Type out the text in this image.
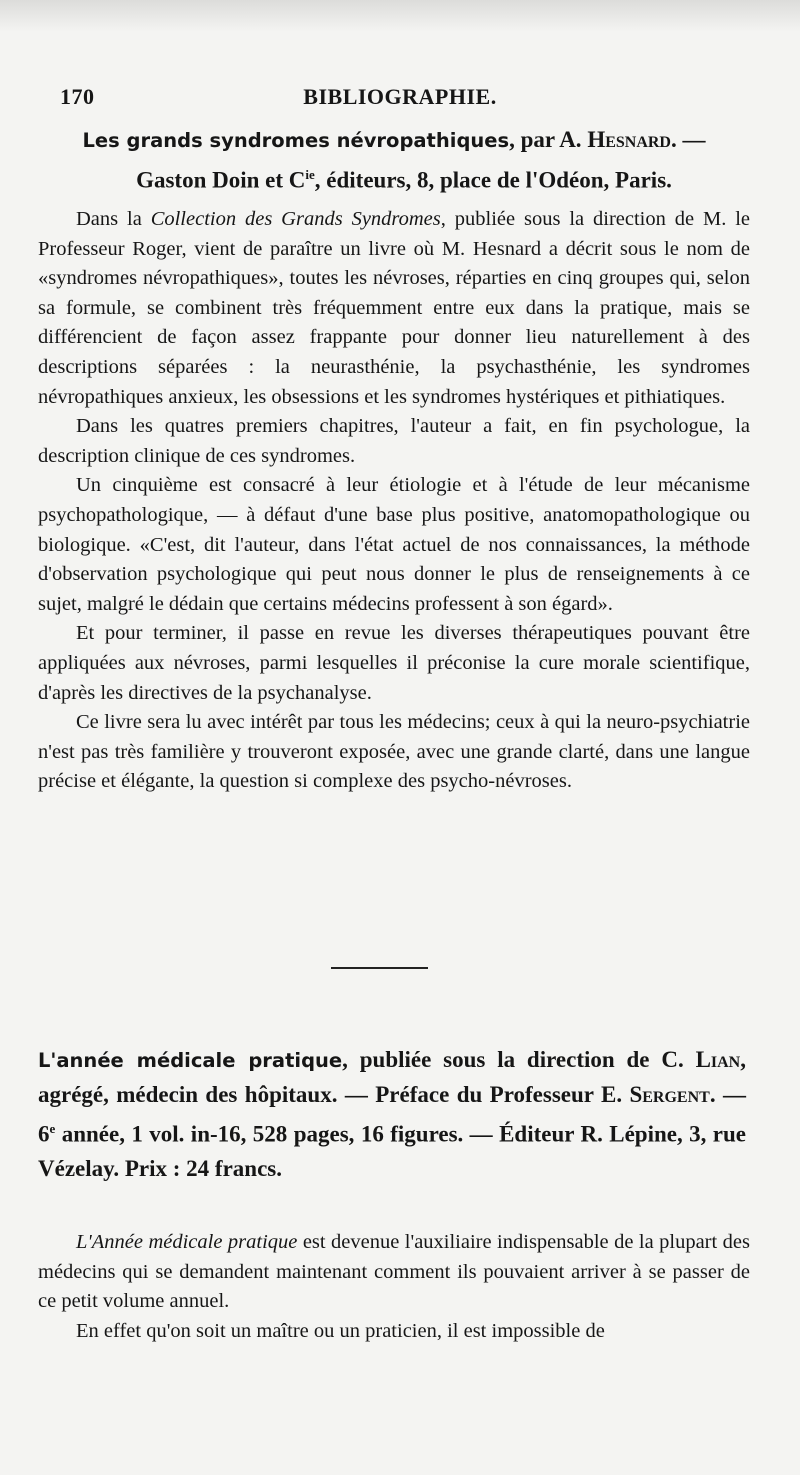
170	BIBLIOGRAPHIE.
Les grands syndromes névropathiques, par A. Hesnard. —
Gaston Doin et $C^{ie}$, éditeurs, 8, place de l'Odéon, Paris.

Dans la Collection des Grands Syndromes, publiée sous la direction de M. le Professeur Roger, vient de paraître un livre où M. Hesnard a décrit sous le nom de «syndromes névropathiques», toutes les névroses, réparties en cinq groupes qui, selon sa formule, se combinent très fréquemment entre eux dans la pratique, mais se différencient de façon assez frappante pour donner lieu naturellement à des descriptions séparées : la neurasthénie, la psychasthénie, les syndromes névropathiques anxieux, les obsessions et les syndromes hystériques et pithiatiques.

Dans les quatres premiers chapitres, l'auteur a fait, en fin psychologue, la description clinique de ces syndromes.

Un cinquième est consacré à leur étiologie et à l'étude de leur mécanisme psychopathologique, — à défaut d'une base plus positive, anatomopathologique ou biologique. «C'est, dit l'auteur, dans l'état actuel de nos connaissances, la méthode d'observation psychologique qui peut nous donner le plus de renseignements à ce sujet, malgré le dédain que certains médecins professent à son égard».

Et pour terminer, il passe en revue les diverses thérapeutiques pouvant être appliquées aux névroses, parmi lesquelles il préconise la cure morale scientifique, d'après les directives de la psychanalyse.

Ce livre sera lu avec intérêt par tous les médecins; ceux à qui la neuro-psychiatrie n'est pas très familière y trouveront exposée, avec une grande clarté, dans une langue précise et élégante, la question si complexe des psycho-névroses.

L'année médicale pratique, publiée sous la direction de C. Lian, agrégé, médecin des hôpitaux. — Préface du Professeur E. Sergent. — 6e année, 1 vol. in-16, 528 pages, 16 figures. — Éditeur R. Lépine, 3, rue Vézelay. Prix : 24 francs.

L'Année médicale pratique est devenue l'auxiliaire indispensable de la plupart des médecins qui se demandent maintenant comment ils pouvaient arriver à se passer de ce petit volume annuel.

En effet qu'on soit un maître ou un praticien, il est impossible de
